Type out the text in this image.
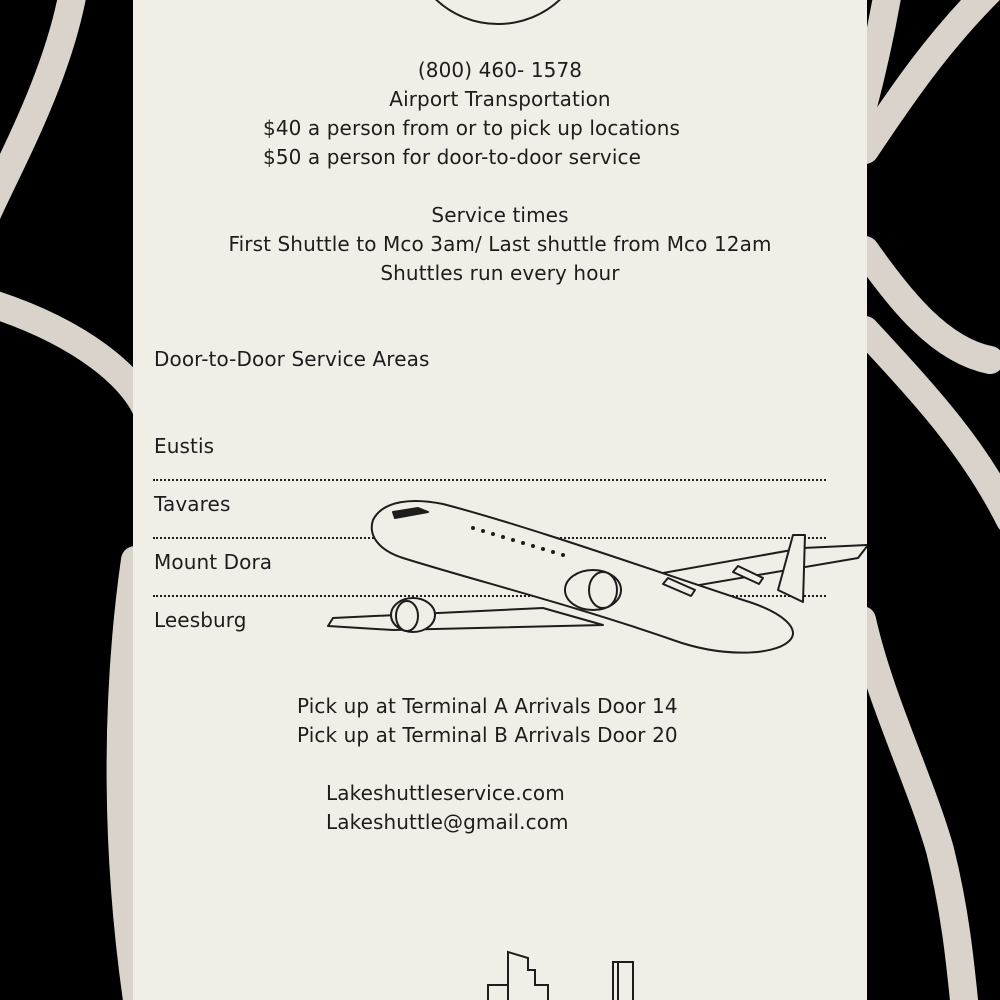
(800) 460- 1578
Airport Transportation
$40 a person from or to pick up locations
$50 a person for door-to-door service
Service times
First Shuttle to Mco 3am/ Last shuttle from Mco 12am
Shuttles run every hour
Door-to-Door Service Areas
Eustis
Tavares
Mount Dora
Leesburg
Pick up at Terminal A Arrivals Door 14
Pick up at Terminal B Arrivals Door 20
Lakeshuttleservice.com
Lakeshuttle@gmail.com
